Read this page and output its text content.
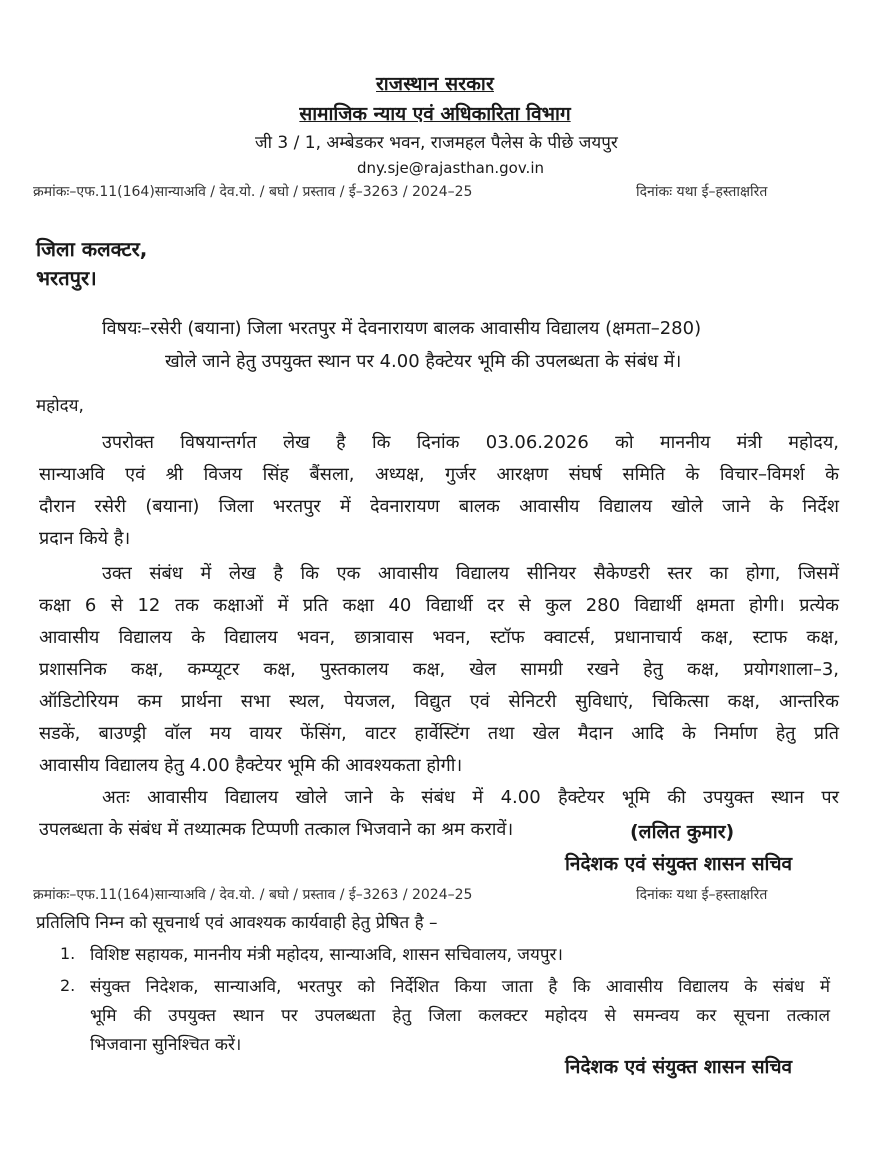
राजस्थान सरकार
सामाजिक न्याय एवं अधिकारिता विभाग
जी 3 / 1, अम्बेडकर भवन, राजमहल पैलेस के पीछे जयपुर
dny.sje@rajasthan.gov.in
क्रमांकः–एफ.11(164)सान्याअवि / देव.यो. / बघो / प्रस्ताव / ई–3263 / 2024–25	दिनांकः यथा ई–हस्ताक्षरित
जिला कलक्टर,
भरतपुर।
विषयः–रसेरी (बयाना) जिला भरतपुर में देवनारायण बालक आवासीय विद्यालय (क्षमता–280)
खोले जाने हेतु उपयुक्त स्थान पर 4.00 हैक्टेयर भूमि की उपलब्धता के संबंध में।
महोदय,
उपरोक्त विषयान्तर्गत लेख है कि दिनांक 03.06.2026 को माननीय मंत्री महोदय,
सान्याअवि एवं श्री विजय सिंह बैंसला, अध्यक्ष, गुर्जर आरक्षण संघर्ष समिति के विचार–विमर्श के
दौरान रसेरी (बयाना) जिला भरतपुर में देवनारायण बालक आवासीय विद्यालय खोले जाने के निर्देश
प्रदान किये है।
उक्त संबंध में लेख है कि एक आवासीय विद्यालय सीनियर सैकेण्डरी स्तर का होगा, जिसमें
कक्षा 6 से 12 तक कक्षाओं में प्रति कक्षा 40 विद्यार्थी दर से कुल 280 विद्यार्थी क्षमता होगी। प्रत्येक
आवासीय विद्यालय के विद्यालय भवन, छात्रावास भवन, स्टॉफ क्वाटर्स, प्रधानाचार्य कक्ष, स्टाफ कक्ष,
प्रशासनिक कक्ष, कम्प्यूटर कक्ष, पुस्तकालय कक्ष, खेल सामग्री रखने हेतु कक्ष, प्रयोगशाला–3,
ऑडिटोरियम कम प्रार्थना सभा स्थल, पेयजल, विद्युत एवं सेनिटरी सुविधाएं, चिकित्सा कक्ष, आन्तरिक
सडकें, बाउण्ड्री वॉल मय वायर फेंसिंग, वाटर हार्वेस्टिंग तथा खेल मैदान आदि के निर्माण हेतु प्रति
आवासीय विद्यालय हेतु 4.00 हैक्टेयर भूमि की आवश्यकता होगी।
अतः आवासीय विद्यालय खोले जाने के संबंध में 4.00 हैक्टेयर भूमि की उपयुक्त स्थान पर
उपलब्धता के संबंध में तथ्यात्मक टिप्पणी तत्काल भिजवाने का श्रम करावें।	(ललित कुमार)
निदेशक एवं संयुक्त शासन सचिव
क्रमांकः–एफ.11(164)सान्याअवि / देव.यो. / बघो / प्रस्ताव / ई–3263 / 2024–25	दिनांकः यथा ई–हस्ताक्षरित
प्रतिलिपि निम्न को सूचनार्थ एवं आवश्यक कार्यवाही हेतु प्रेषित है –
1. विशिष्ट सहायक, माननीय मंत्री महोदय, सान्याअवि, शासन सचिवालय, जयपुर।
2. संयुक्त निदेशक, सान्याअवि, भरतपुर को निर्देशित किया जाता है कि आवासीय विद्यालय के संबंध में
भूमि की उपयुक्त स्थान पर उपलब्धता हेतु जिला कलक्टर महोदय से समन्वय कर सूचना तत्काल
भिजवाना सुनिश्चित करें।
निदेशक एवं संयुक्त शासन सचिव
